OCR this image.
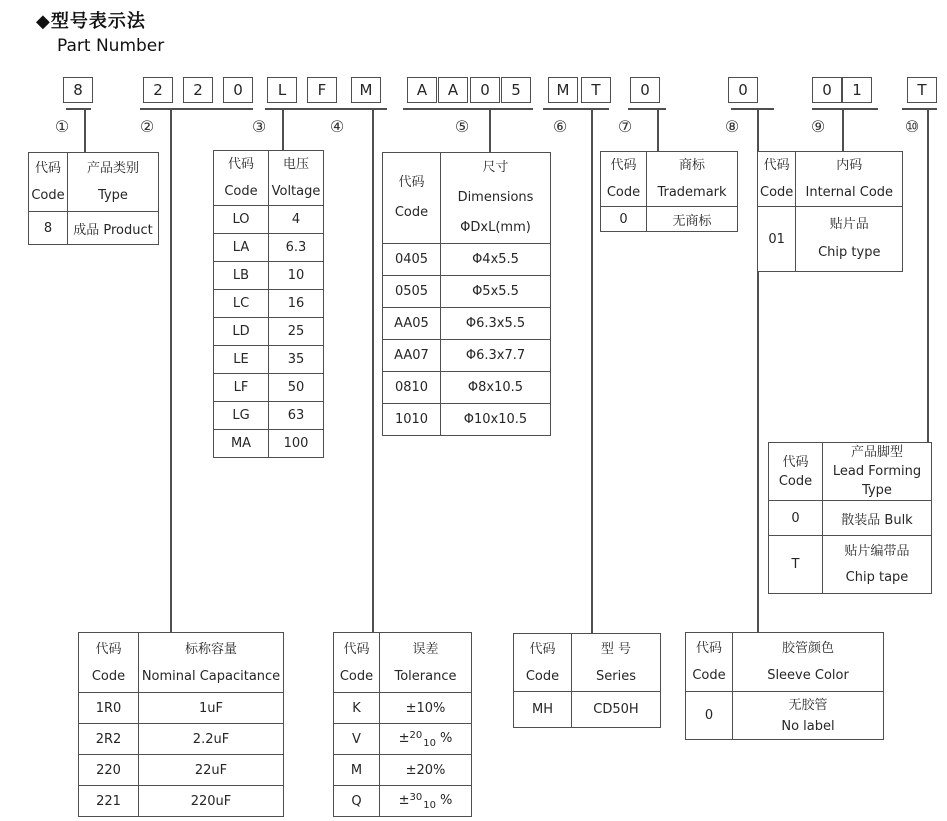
◆型号表示法
Part Number
8	2	2	0	L	F	M	A	A	0	5	M	T	0	0	0	1	T
①	②	③	④	⑤	⑥	⑦	⑧	⑨	⑩
代码
Code

产品类别
Type

8	成品 Product
代码
Code

电压
Voltage

LO	4
LA	6.3
LB	10
LC	16
LD	25
LE	35
LF	50
LG	63
MA	100
代码
Code

尺寸 Dimensions
ΦDxL(mm)

0405	Φ4x5.5
0505	Φ5x5.5
AA05	Φ6.3x5.5
AA07	Φ6.3x7.7
0810	Φ8x10.5
1010	Φ10x10.5
代码
Code

商标
Trademark

0	无商标
代码
Code

内码
Internal Code

01	贴片品
Chip type
代码
Code

产品脚型
Lead Forming
Type

0	散装品 Bulk
T	贴片编带品
Chip tape
代码
Code

标称容量
Nominal Capacitance

1R0	1uF
2R2	2.2uF
220	22uF
221	220uF
代码
Code

误差
Tolerance

K	±10%
V	±$^{20}_{10}$ %
M	±20%
Q	±$^{30}_{10}$ %
代码
Code

型 号
Series

MH	CD50H
代码
Code

胶管颜色
Sleeve Color

0	无胶管
No label
